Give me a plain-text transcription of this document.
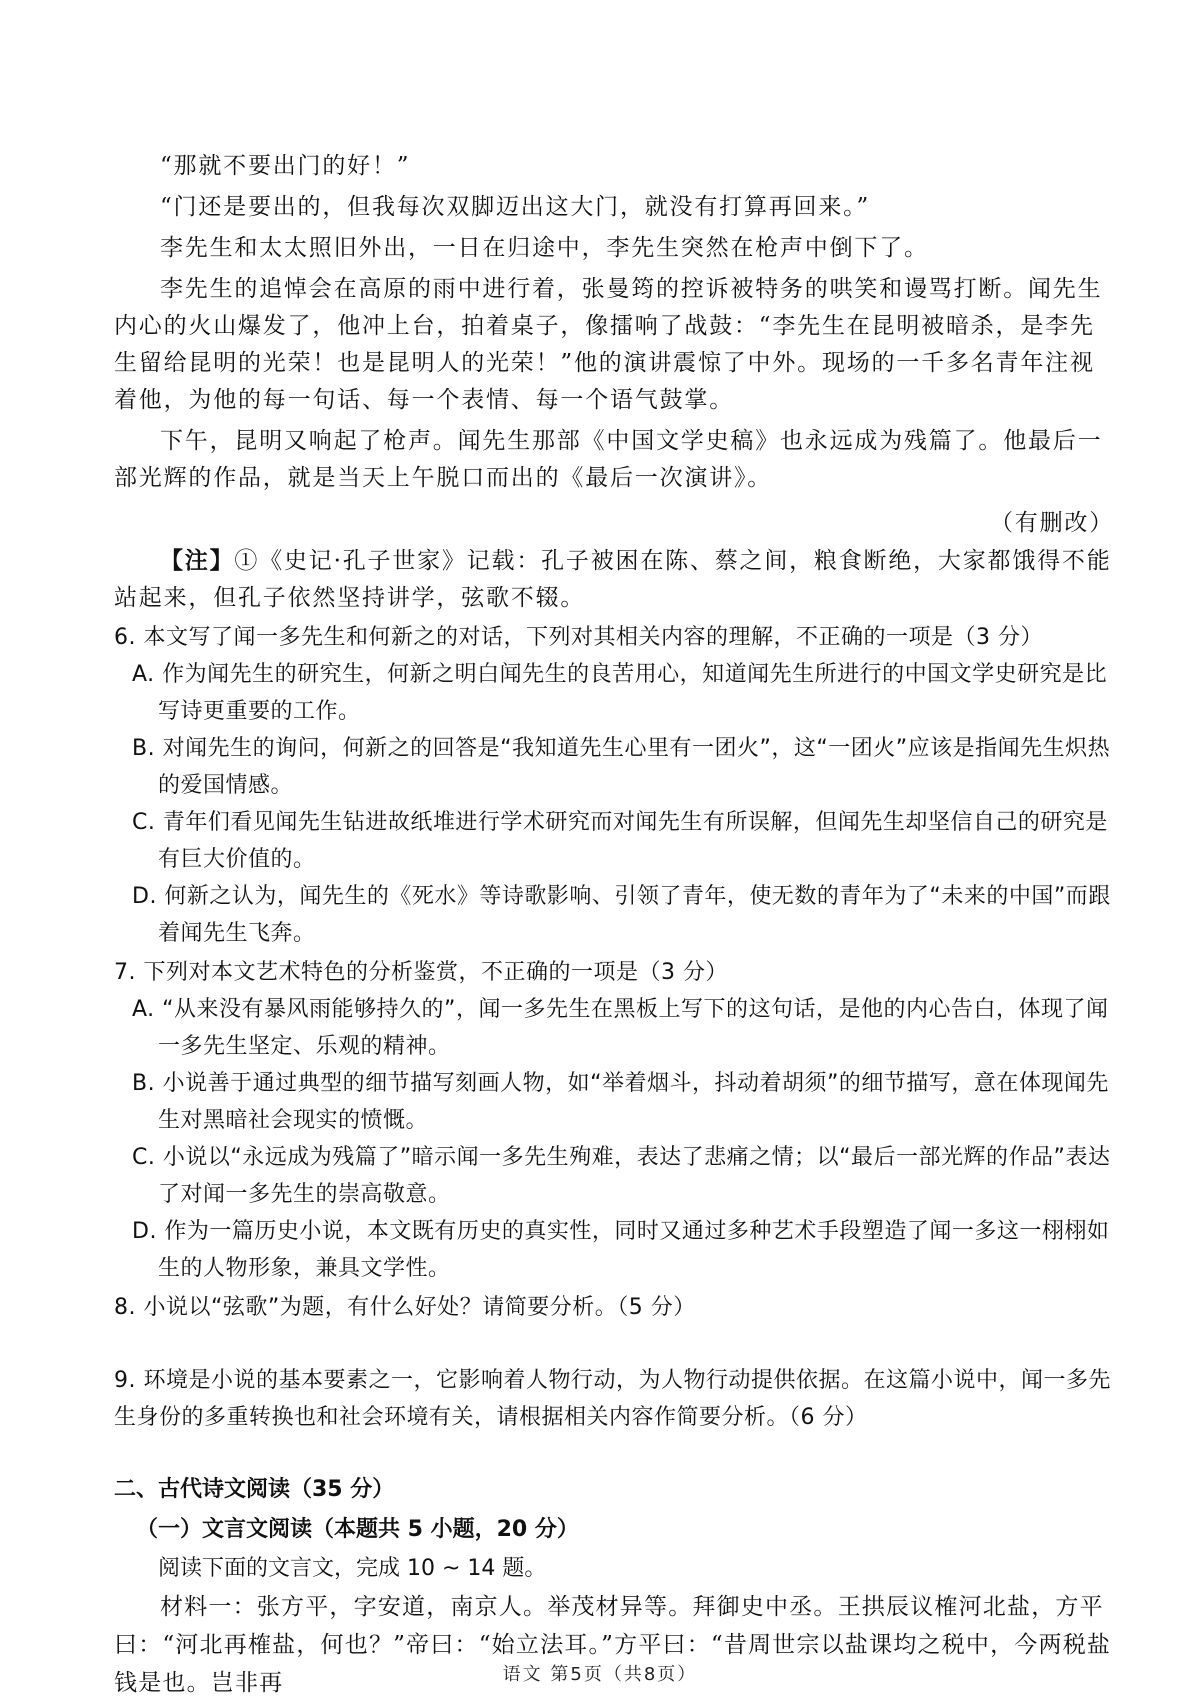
“那就不要出门的好！”

“门还是要出的，但我每次双脚迈出这大门，就没有打算再回来。”

李先生和太太照旧外出，一日在归途中，李先生突然在枪声中倒下了。

李先生的追悼会在高原的雨中进行着，张曼筠的控诉被特务的哄笑和谩骂打断。闻先生内心的火山爆发了，他冲上台，拍着桌子，像擂响了战鼓：“李先生在昆明被暗杀，是李先生留给昆明的光荣！也是昆明人的光荣！”他的演讲震惊了中外。现场的一千多名青年注视着他，为他的每一句话、每一个表情、每一个语气鼓掌。

下午，昆明又响起了枪声。闻先生那部《中国文学史稿》也永远成为残篇了。他最后一部光辉的作品，就是当天上午脱口而出的《最后一次演讲》。

（有删改）

【注】①《史记·孔子世家》记载：孔子被困在陈、蔡之间，粮食断绝，大家都饿得不能站起来，但孔子依然坚持讲学，弦歌不辍。

6. 本文写了闻一多先生和何新之的对话，下列对其相关内容的理解，不正确的一项是（3 分）

A. 作为闻先生的研究生，何新之明白闻先生的良苦用心，知道闻先生所进行的中国文学史研究是比写诗更重要的工作。

B. 对闻先生的询问，何新之的回答是“我知道先生心里有一团火”，这“一团火”应该是指闻先生炽热的爱国情感。

C. 青年们看见闻先生钻进故纸堆进行学术研究而对闻先生有所误解，但闻先生却坚信自己的研究是有巨大价值的。

D. 何新之认为，闻先生的《死水》等诗歌影响、引领了青年，使无数的青年为了“未来的中国”而跟着闻先生飞奔。

7. 下列对本文艺术特色的分析鉴赏，不正确的一项是（3 分）

A. “从来没有暴风雨能够持久的”，闻一多先生在黑板上写下的这句话，是他的内心告白，体现了闻一多先生坚定、乐观的精神。

B. 小说善于通过典型的细节描写刻画人物，如“举着烟斗，抖动着胡须”的细节描写，意在体现闻先生对黑暗社会现实的愤慨。

C. 小说以“永远成为残篇了”暗示闻一多先生殉难，表达了悲痛之情；以“最后一部光辉的作品”表达了对闻一多先生的崇高敬意。

D. 作为一篇历史小说，本文既有历史的真实性，同时又通过多种艺术手段塑造了闻一多这一栩栩如生的人物形象，兼具文学性。

8. 小说以“弦歌”为题，有什么好处？请简要分析。（5 分）

9. 环境是小说的基本要素之一，它影响着人物行动，为人物行动提供依据。在这篇小说中，闻一多先生身份的多重转换也和社会环境有关，请根据相关内容作简要分析。（6 分）

二、古代诗文阅读（35 分）

（一）文言文阅读（本题共 5 小题，20 分）

阅读下面的文言文，完成 10 ~ 14 题。

材料一：张方平，字安道，南京人。举茂材异等。拜御史中丞。王拱辰议榷河北盐，方平曰：“河北再榷盐，何也？”帝曰：“始立法耳。”方平曰：“昔周世宗以盐课均之税中，今两税盐钱是也。岂非再	语文 第5页（共8页）
